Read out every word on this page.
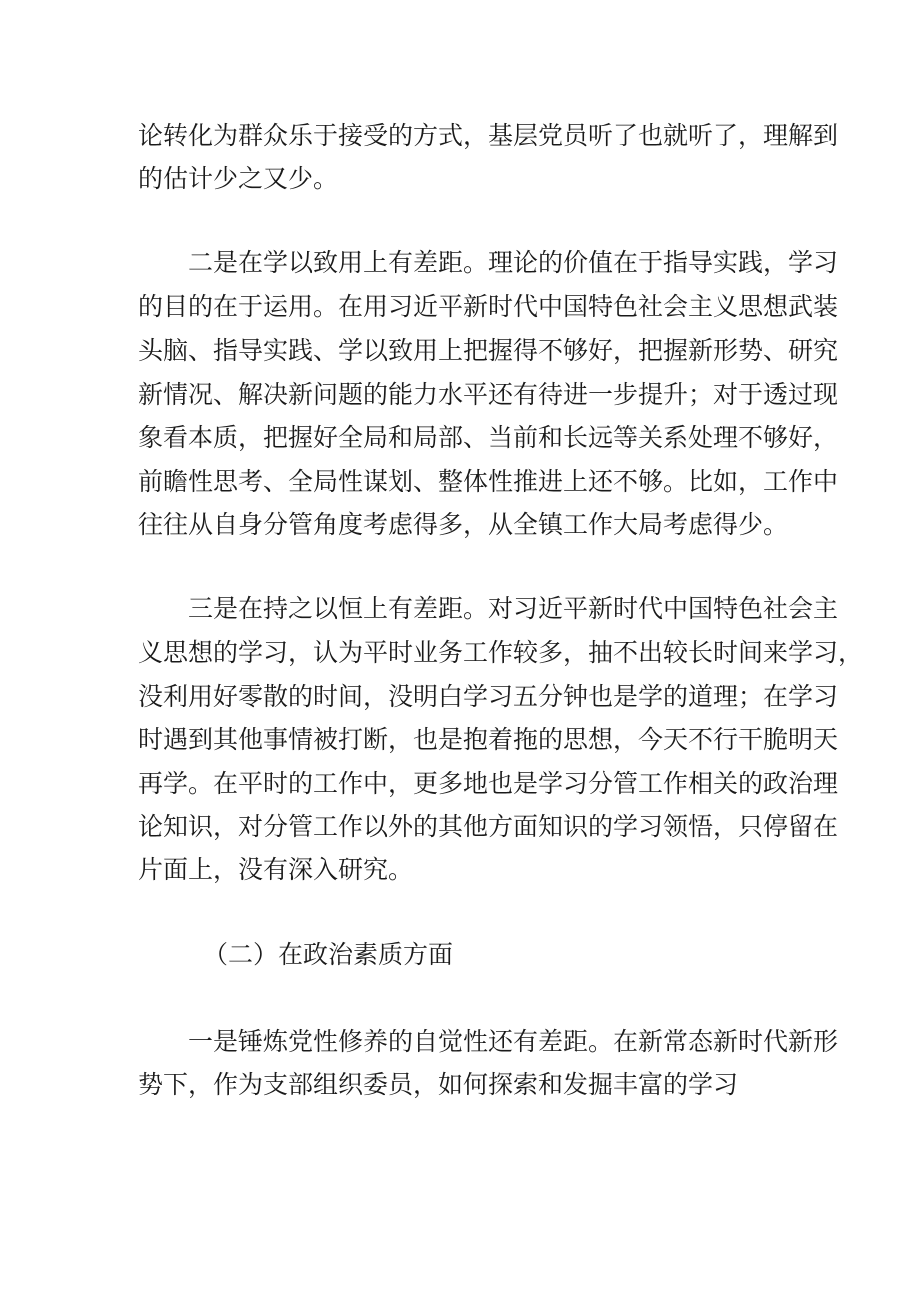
论转化为群众乐于接受的方式，基层党员听了也就听了，理解到
的估计少之又少。
二是在学以致用上有差距。理论的价值在于指导实践，学习
的目的在于运用。在用习近平新时代中国特色社会主义思想武装
头脑、指导实践、学以致用上把握得不够好，把握新形势、研究
新情况、解决新问题的能力水平还有待进一步提升；对于透过现
象看本质，把握好全局和局部、当前和长远等关系处理不够好，
前瞻性思考、全局性谋划、整体性推进上还不够。比如，工作中
往往从自身分管角度考虑得多，从全镇工作大局考虑得少。
三是在持之以恒上有差距。对习近平新时代中国特色社会主
义思想的学习，认为平时业务工作较多，抽不出较长时间来学习，
没利用好零散的时间，没明白学习五分钟也是学的道理；在学习
时遇到其他事情被打断，也是抱着拖的思想，今天不行干脆明天
再学。在平时的工作中，更多地也是学习分管工作相关的政治理
论知识，对分管工作以外的其他方面知识的学习领悟，只停留在
片面上，没有深入研究。
（二）在政治素质方面
一是锤炼党性修养的自觉性还有差距。在新常态新时代新形
势下，作为支部组织委员，如何探索和发掘丰富的学习
